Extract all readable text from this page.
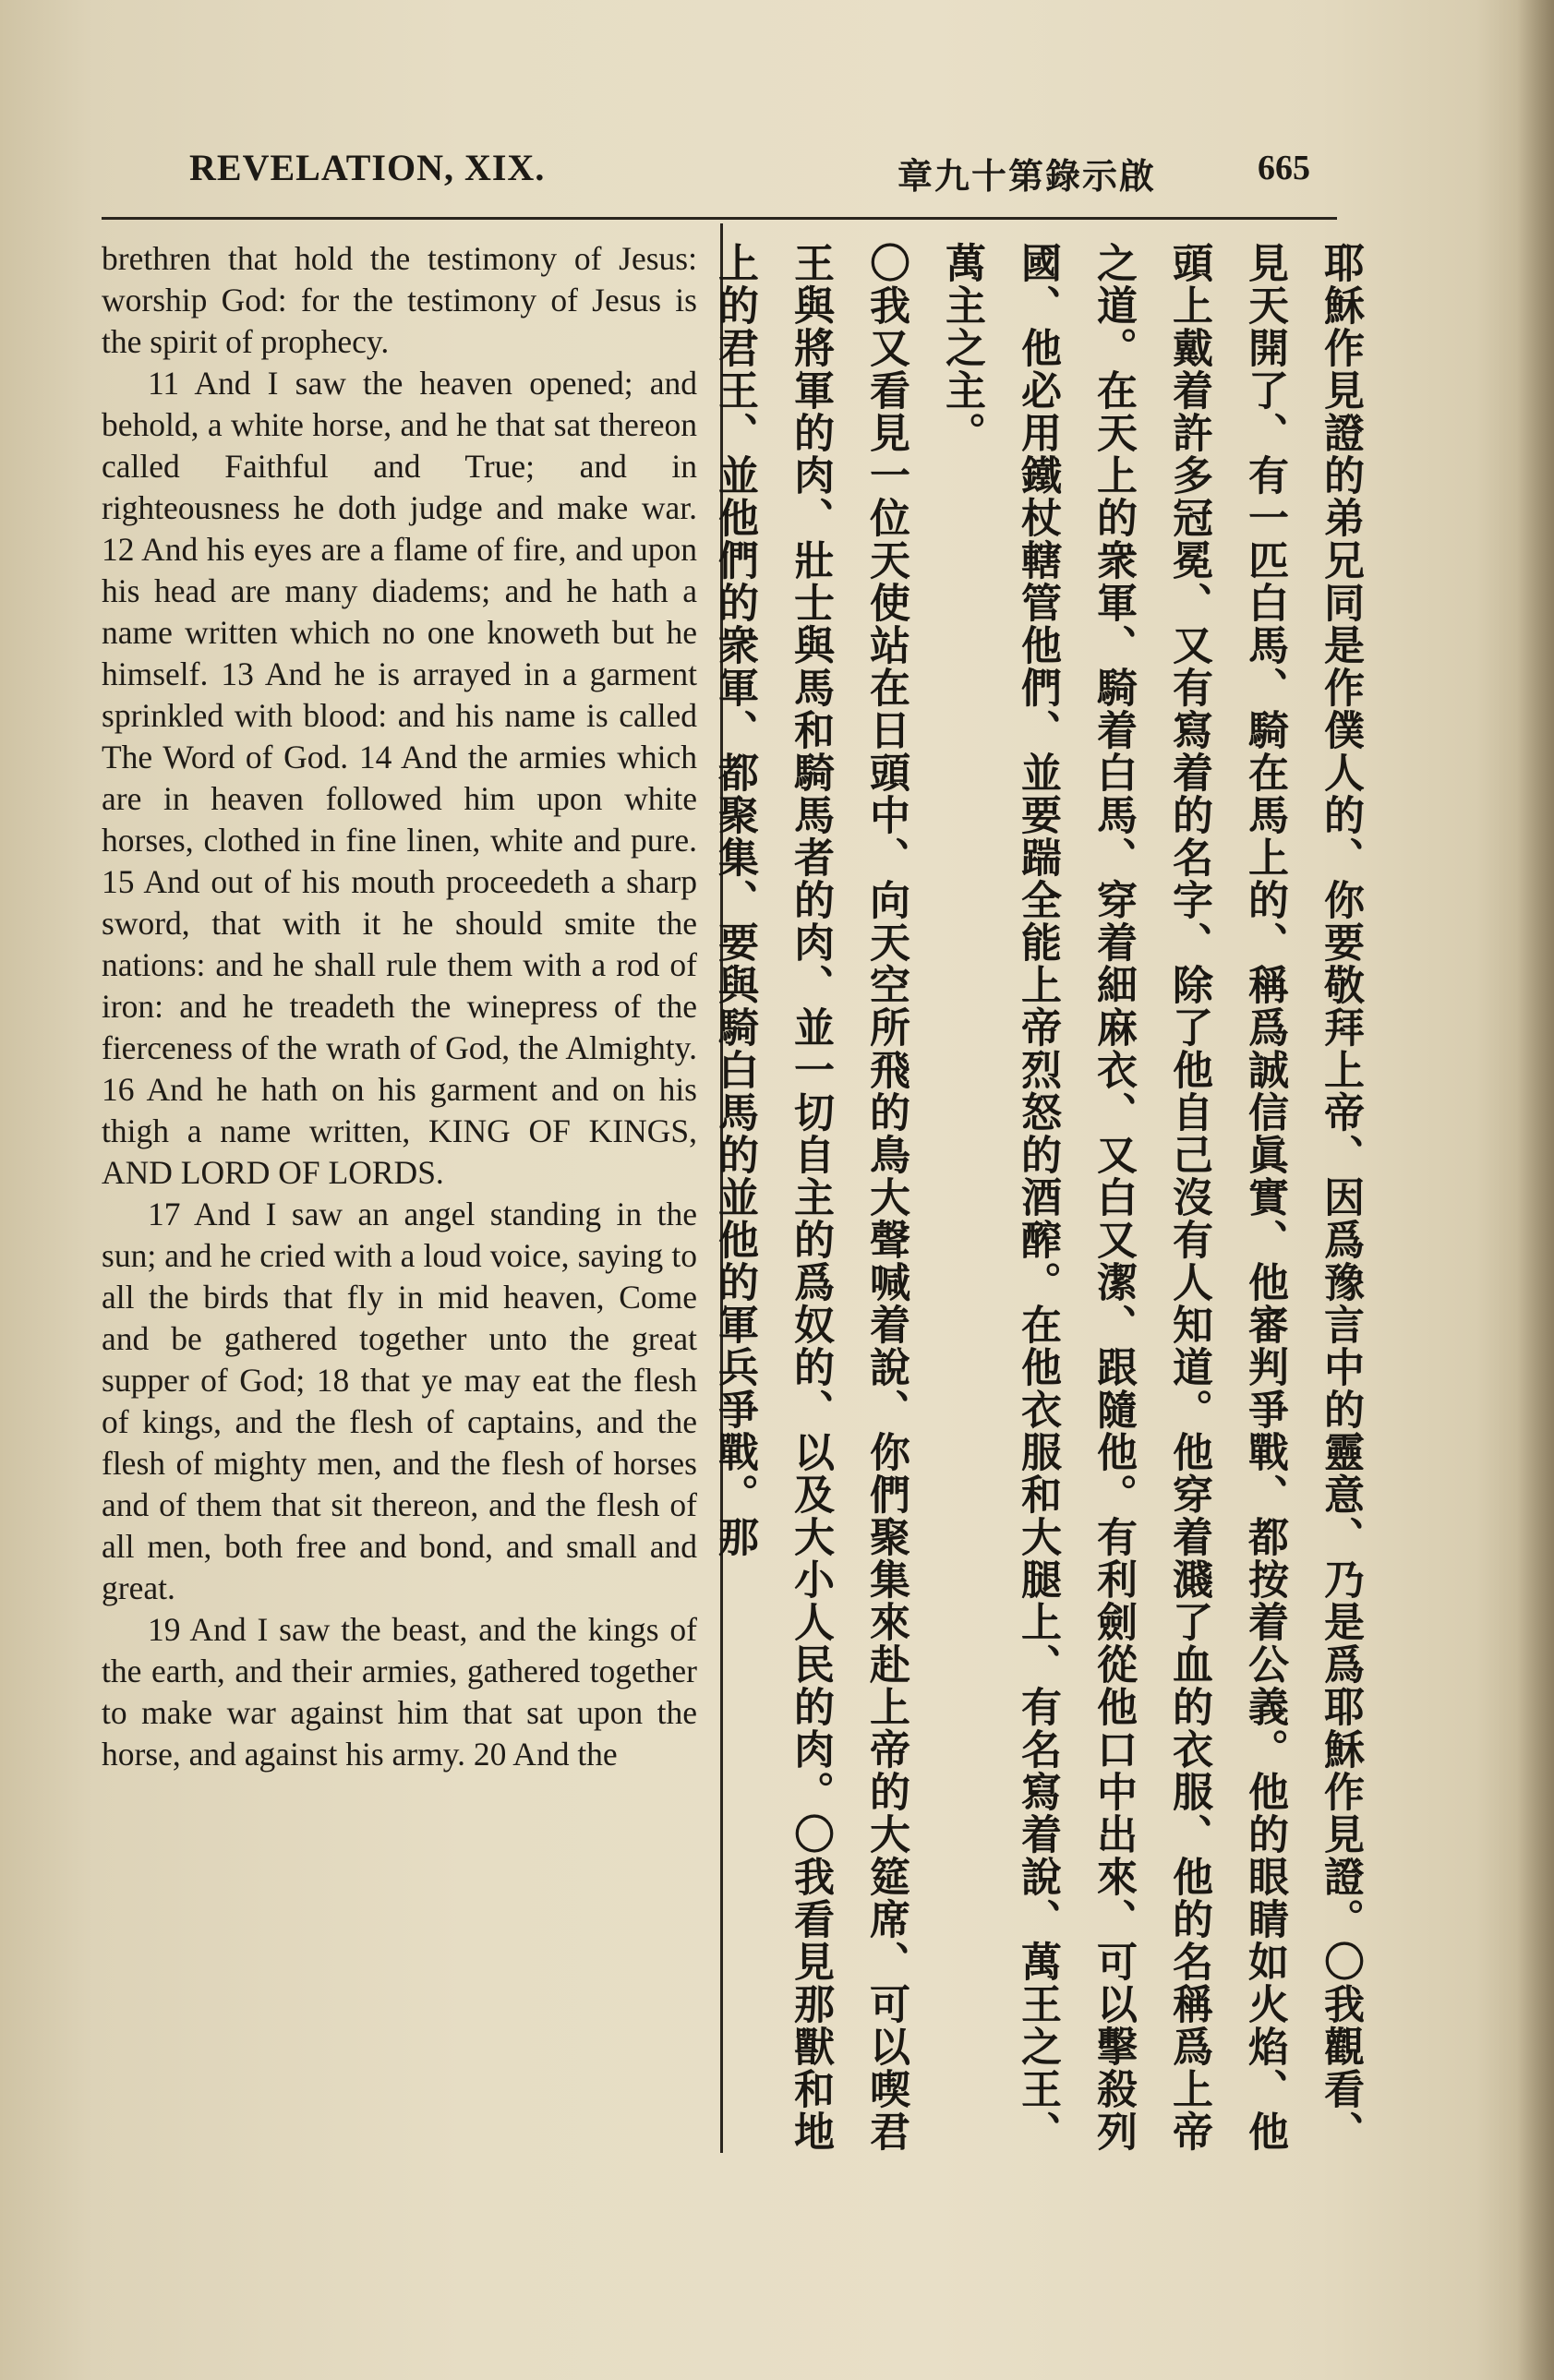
REVELATION, XIX.	章九十第錄示啟	665

brethren that hold the testimony of Jesus: worship God: for the testimony of Jesus is the spirit of prophecy.

11 And I saw the heaven opened; and behold, a white horse, and he that sat thereon called Faithful and True; and in righteousness he doth judge and make war. 12 And his eyes are a flame of fire, and upon his head are many diadems; and he hath a name written which no one knoweth but he himself. 13 And he is arrayed in a garment sprinkled with blood: and his name is called The Word of God. 14 And the armies which are in heaven followed him upon white horses, clothed in fine linen, white and pure. 15 And out of his mouth proceedeth a sharp sword, that with it he should smite the nations: and he shall rule them with a rod of iron: and he treadeth the winepress of the fierceness of the wrath of God, the Almighty. 16 And he hath on his garment and on his thigh a name written, KING OF KINGS, AND LORD OF LORDS.

17 And I saw an angel standing in the sun; and he cried with a loud voice, saying to all the birds that fly in mid heaven, Come and be gathered together unto the great supper of God; 18 that ye may eat the flesh of kings, and the flesh of captains, and the flesh of mighty men, and the flesh of horses and of them that sit thereon, and the flesh of all men, both free and bond, and small and great.

19 And I saw the beast, and the kings of the earth, and their armies, gathered together to make war against him that sat upon the horse, and against his army. 20 And the	耶穌作見證的弟兄同是作僕人的、你要敬拜上帝、因爲豫言中的靈意、乃是爲耶穌作見證。〇我觀看、見天開了、有一匹白馬、騎在馬上的、稱爲誠信眞實、他審判爭戰、都按着公義。他的眼睛如火焰、他頭上戴着許多冠冕、又有寫着的名字、除了他自己沒有人知道。他穿着濺了血的衣服、他的名稱爲上帝之道。在天上的衆軍、騎着白馬、穿着細麻衣、又白又潔、跟隨他。有利劍從他口中出來、可以擊殺列國、他必用鐵杖轄管他們、並要踹全能上帝烈怒的酒醡。在他衣服和大腿上、有名寫着說、萬王之王、萬主之主。

〇我又看見一位天使站在日頭中、向天空所飛的鳥大聲喊着說、你們聚集來赴上帝的大筵席、可以喫君王與將軍的肉、壯士與馬和騎馬者的肉、並一切自主的爲奴的、以及大小人民的肉。〇我看見那獸和地上的君王、並他們的衆軍、都聚集、要與騎白馬的並他的軍兵爭戰。那
